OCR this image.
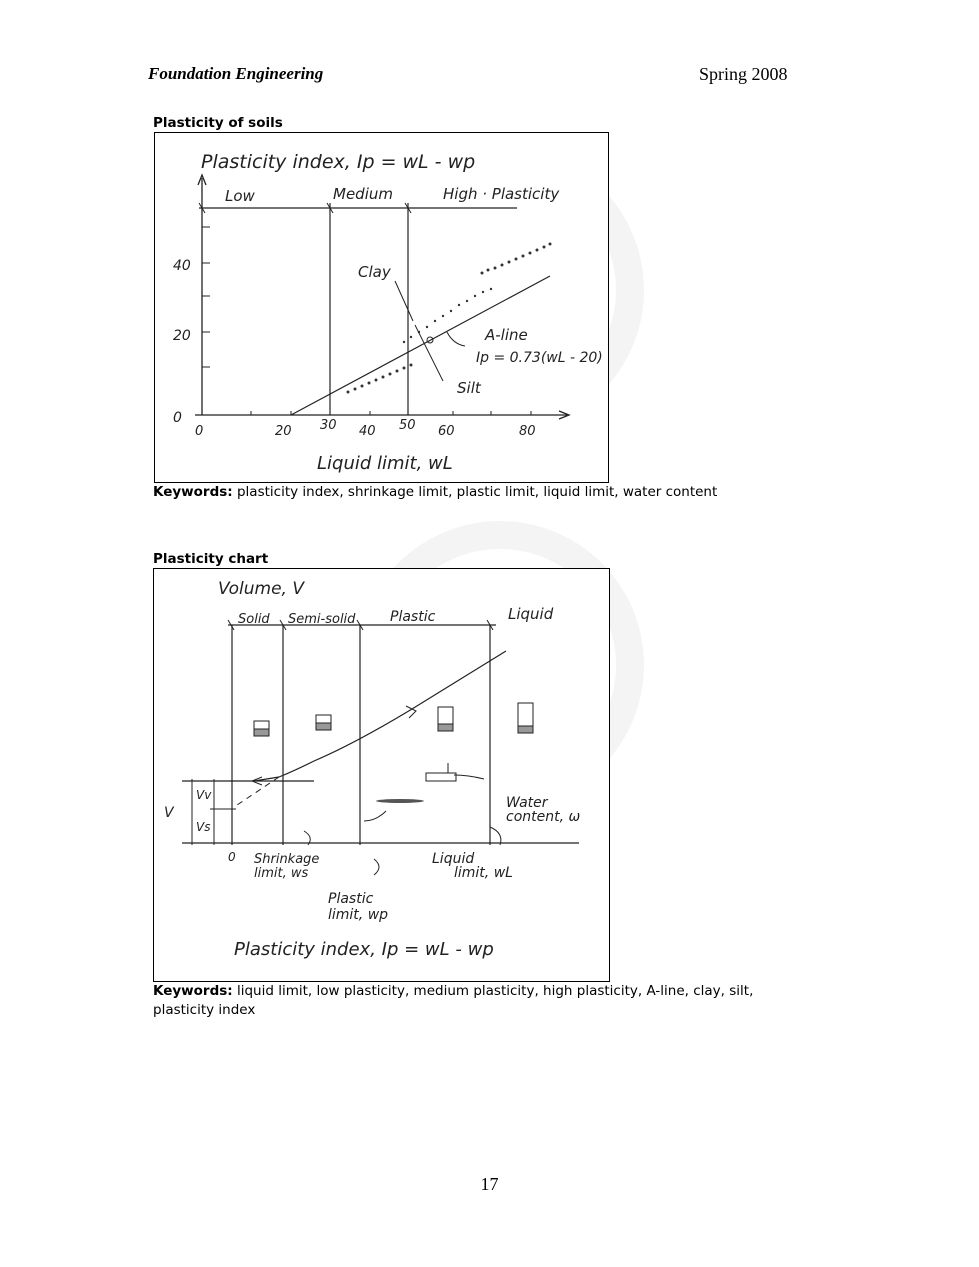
Foundation Engineering	Spring 2008
Plasticity of soils
Plasticity index, Ip = wL - wp
40
20
0
0	20 30 40 50 60	80
Low	Medium	High · Plasticity
Clay
Silt
A-line
Ip = 0.73(wL - 20)
Liquid limit, wL
Keywords: plasticity index, shrinkage limit, plastic limit, liquid limit, water content
Plasticity chart
Volume, V
Solid Semi-solid Plastic	Liquid
V
Vv
Vs
0
Water
content, ω
Shrinkage
limit, ws
Liquid
limit, wL
Plastic
limit, wp
Plasticity index, Ip = wL - wp
Keywords: liquid limit, low plasticity, medium plasticity, high plasticity, A-line, clay, silt,
plasticity index
17
